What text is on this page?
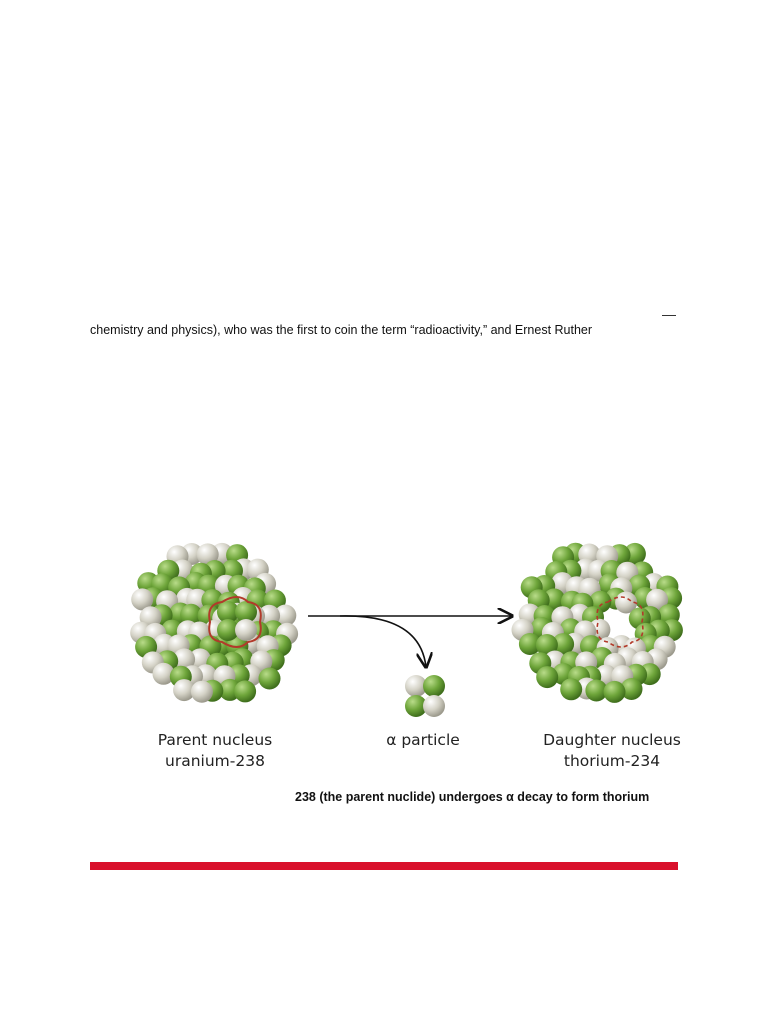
chemistry and physics), who was the first to coin the term “radioactivity,” and Ernest Ruther
Parent nucleus
uranium-238
α particle	Daughter nucleus
thorium-234
238 (the parent nuclide) undergoes α decay to form thorium
